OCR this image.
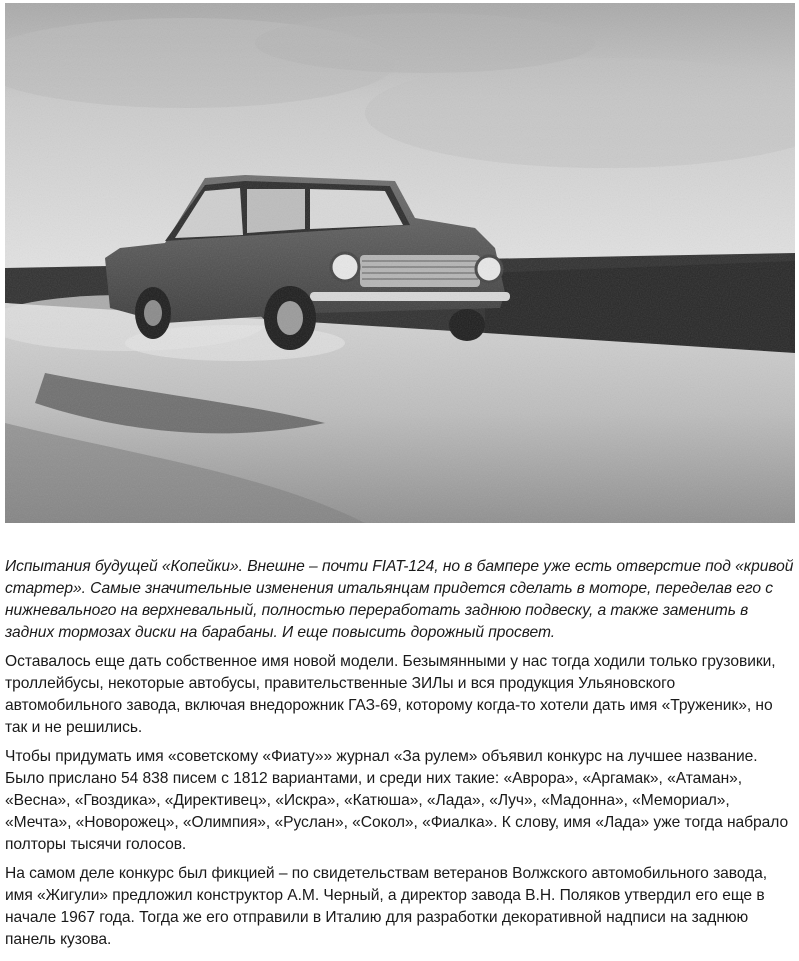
Испытания будущей «Копейки». Внешне – почти FIAT-124, но в бампере уже есть отверстие под «кривой стартер». Самые значительные изменения итальянцам придется сделать в моторе, переделав его с нижневального на верхневальный, полностью переработать заднюю подвеску, а также заменить в задних тормозах диски на барабаны. И еще повысить дорожный просвет.

Оставалось еще дать собственное имя новой модели. Безымянными у нас тогда ходили только грузовики, троллейбусы, некоторые автобусы, правительственные ЗИЛы и вся продукция Ульяновского автомобильного завода, включая внедорожник ГАЗ-69, которому когда-то хотели дать имя «Труженик», но так и не решились.

Чтобы придумать имя «советскому «Фиату»» журнал «За рулем» объявил конкурс на лучшее название. Было прислано 54 838 писем с 1812 вариантами, и среди них такие: «Аврора», «Аргамак», «Атаман», «Весна», «Гвоздика», «Директивец», «Искра», «Катюша», «Лада», «Луч», «Мадонна», «Мемориал», «Мечта», «Новорожец», «Олимпия», «Руслан», «Сокол», «Фиалка». К слову, имя «Лада» уже тогда набрало полторы тысячи голосов.

На самом деле конкурс был фикцией – по свидетельствам ветеранов Волжского автомобильного завода, имя «Жигули» предложил конструктор А.М. Черный, а директор завода В.Н. Поляков утвердил его еще в начале 1967 года. Тогда же его отправили в Италию для разработки декоративной надписи на заднюю панель кузова.
